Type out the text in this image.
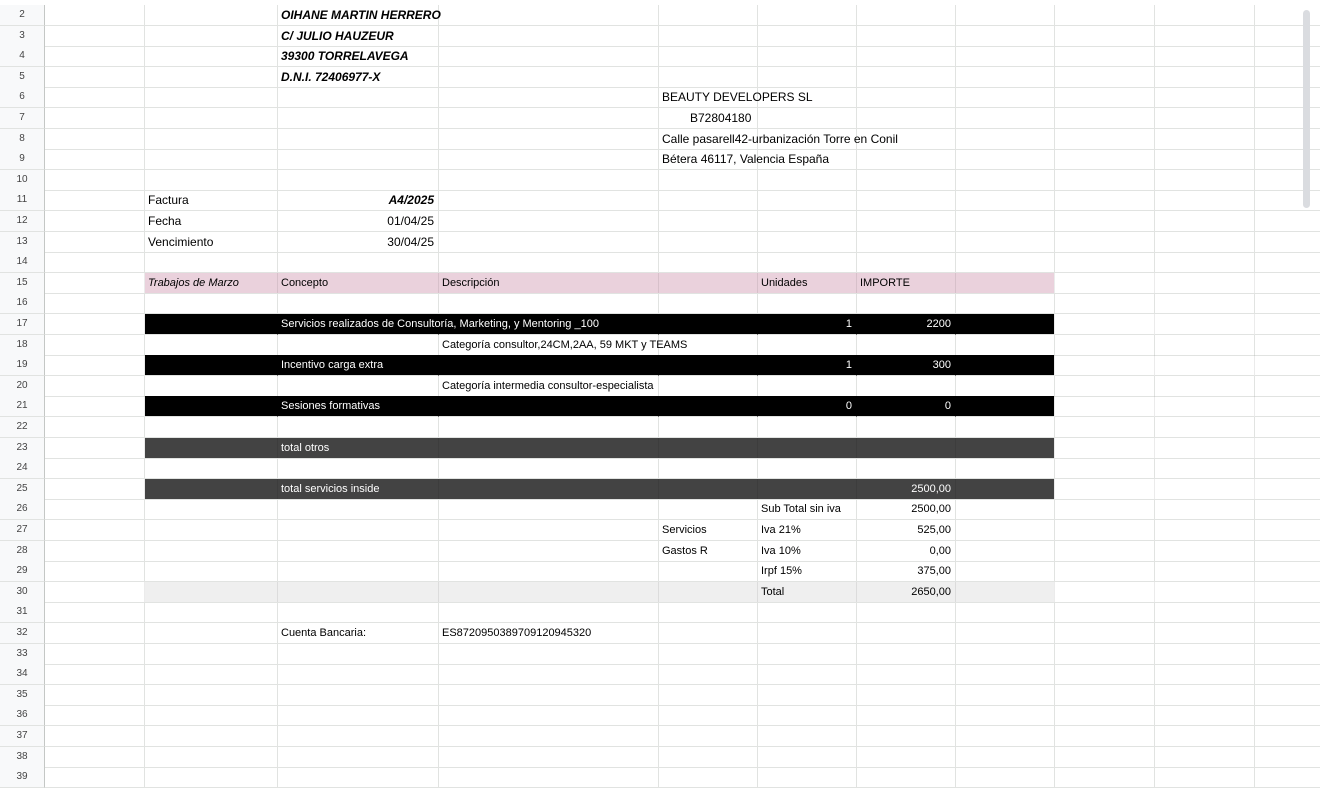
2	OIHANE MARTIN HERRERO
3	C/ JULIO HAUZEUR
4	39300 TORRELAVEGA
5	D.N.I. 72406977-X
6	BEAUTY DEVELOPERS SL
7	B72804180
8	Calle pasarell42-urbanización Torre en Conil
9	Bétera 46117, Valencia España
10
11	Factura	A4/2025
12	Fecha	01/04/25
13	Vencimiento	30/04/25
14
15	Trabajos de Marzo	Concepto	Descripción	Unidades	IMPORTE
16
17	Servicios realizados de Consultoría, Marketing, y Mentoring _100	1	2200
18	Categoría consultor,24CM,2AA, 59 MKT y TEAMS
19	Incentivo carga extra	1	300
20	Categoría intermedia consultor-especialista
21	Sesiones formativas	0	0
22
23	total otros
24
25	total servicios inside	2500,00
26	Sub Total sin iva	2500,00
27	Servicios	Iva 21%	525,00
28	Gastos R	Iva 10%	0,00
29	Irpf 15%	375,00
30	Total	2650,00
31
32	Cuenta Bancaria:	ES8720950389709120945320
33
34
35
36
37
38
39
